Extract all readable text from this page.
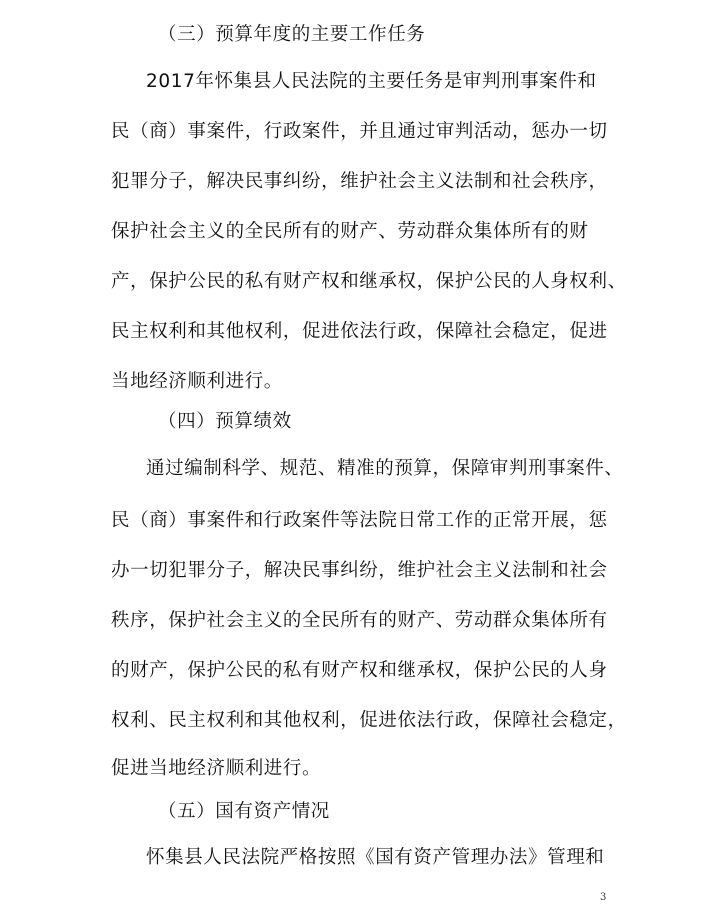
（三）预算年度的主要工作任务
2017年怀集县人民法院的主要任务是审判刑事案件和
民（商）事案件，行政案件，并且通过审判活动，惩办一切
犯罪分子，解决民事纠纷，维护社会主义法制和社会秩序，
保护社会主义的全民所有的财产、劳动群众集体所有的财
产，保护公民的私有财产权和继承权，保护公民的人身权利、
民主权利和其他权利，促进依法行政，保障社会稳定，促进
当地经济顺利进行。
（四）预算绩效
通过编制科学、规范、精准的预算，保障审判刑事案件、
民（商）事案件和行政案件等法院日常工作的正常开展，惩
办一切犯罪分子，解决民事纠纷，维护社会主义法制和社会
秩序，保护社会主义的全民所有的财产、劳动群众集体所有
的财产，保护公民的私有财产权和继承权，保护公民的人身
权利、民主权利和其他权利，促进依法行政，保障社会稳定，
促进当地经济顺利进行。
（五）国有资产情况
怀集县人民法院严格按照《国有资产管理办法》管理和
3
